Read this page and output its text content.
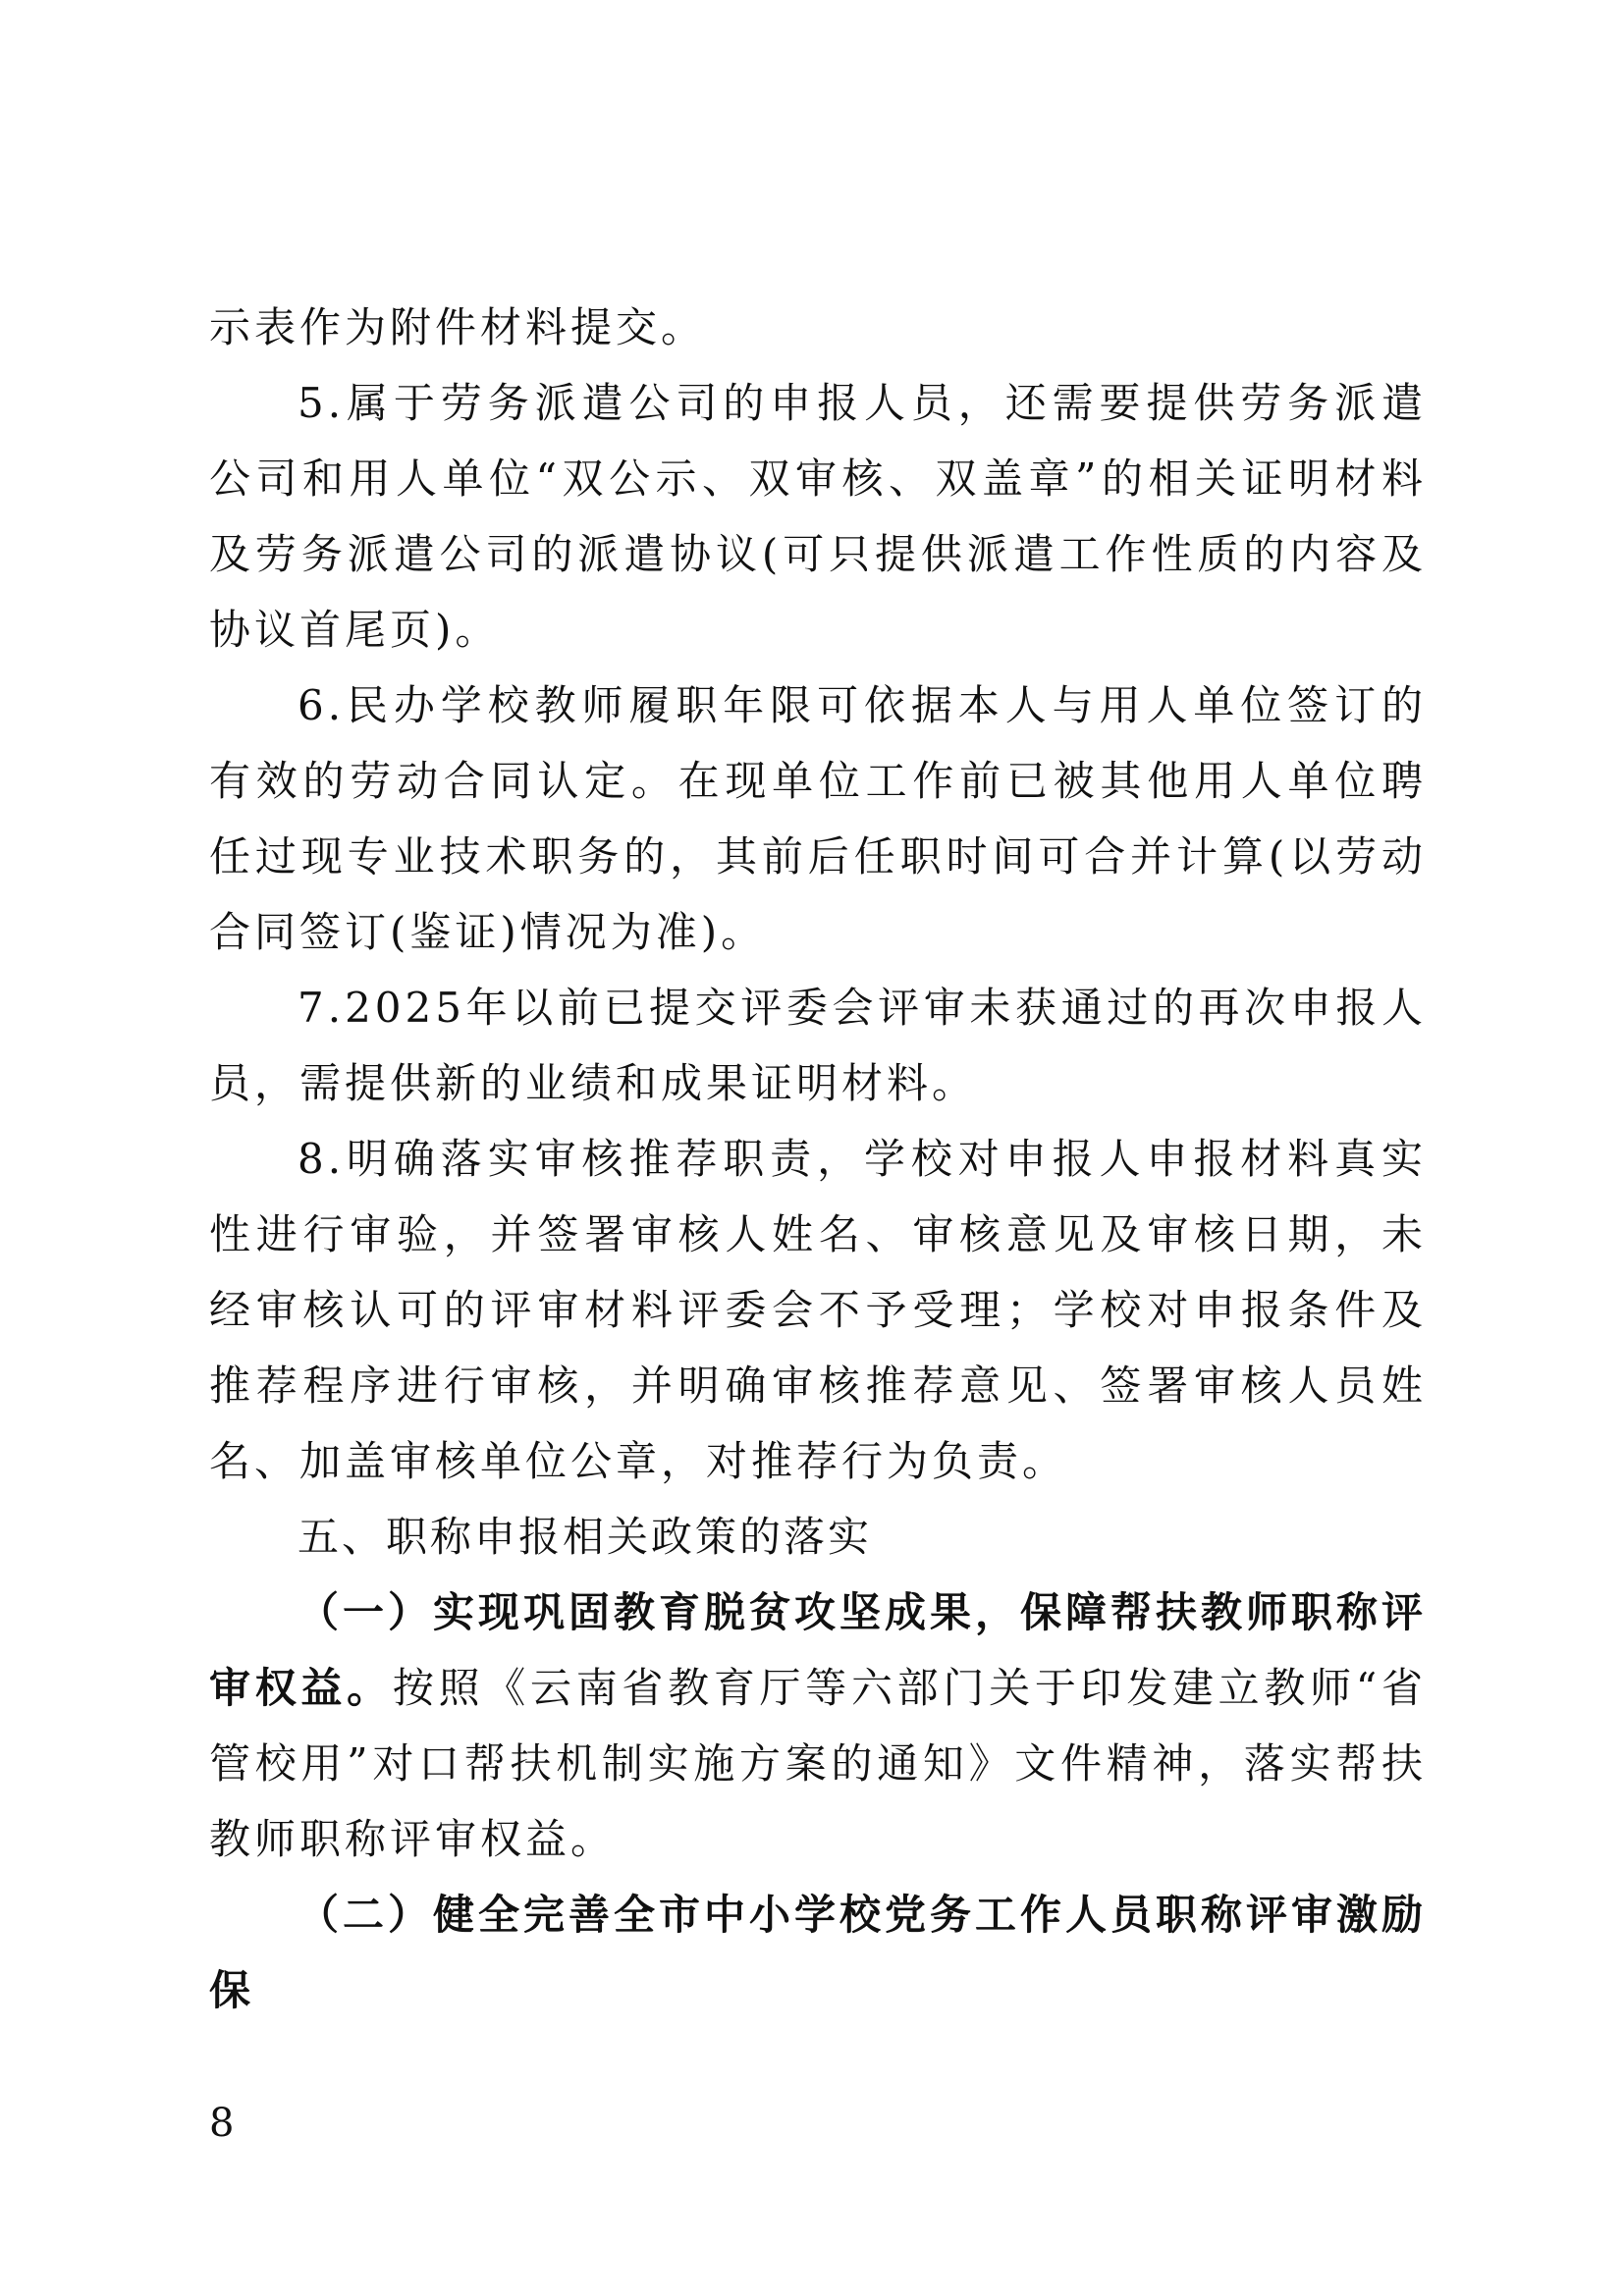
示表作为附件材料提交。

5.属于劳务派遣公司的申报人员，还需要提供劳务派遣公司和用人单位“双公示、双审核、双盖章”的相关证明材料及劳务派遣公司的派遣协议(可只提供派遣工作性质的内容及协议首尾页)。

6.民办学校教师履职年限可依据本人与用人单位签订的有效的劳动合同认定。在现单位工作前已被其他用人单位聘任过现专业技术职务的，其前后任职时间可合并计算(以劳动合同签订(鉴证)情况为准)。

7.2025年以前已提交评委会评审未获通过的再次申报人员，需提供新的业绩和成果证明材料。

8.明确落实审核推荐职责，学校对申报人申报材料真实性进行审验，并签署审核人姓名、审核意见及审核日期，未经审核认可的评审材料评委会不予受理；学校对申报条件及推荐程序进行审核，并明确审核推荐意见、签署审核人员姓名、加盖审核单位公章，对推荐行为负责。

五、职称申报相关政策的落实

（一）实现巩固教育脱贫攻坚成果，保障帮扶教师职称评审权益。按照《云南省教育厅等六部门关于印发建立教师“省管校用”对口帮扶机制实施方案的通知》文件精神，落实帮扶教师职称评审权益。

（二）健全完善全市中小学校党务工作人员职称评审激励保

8
